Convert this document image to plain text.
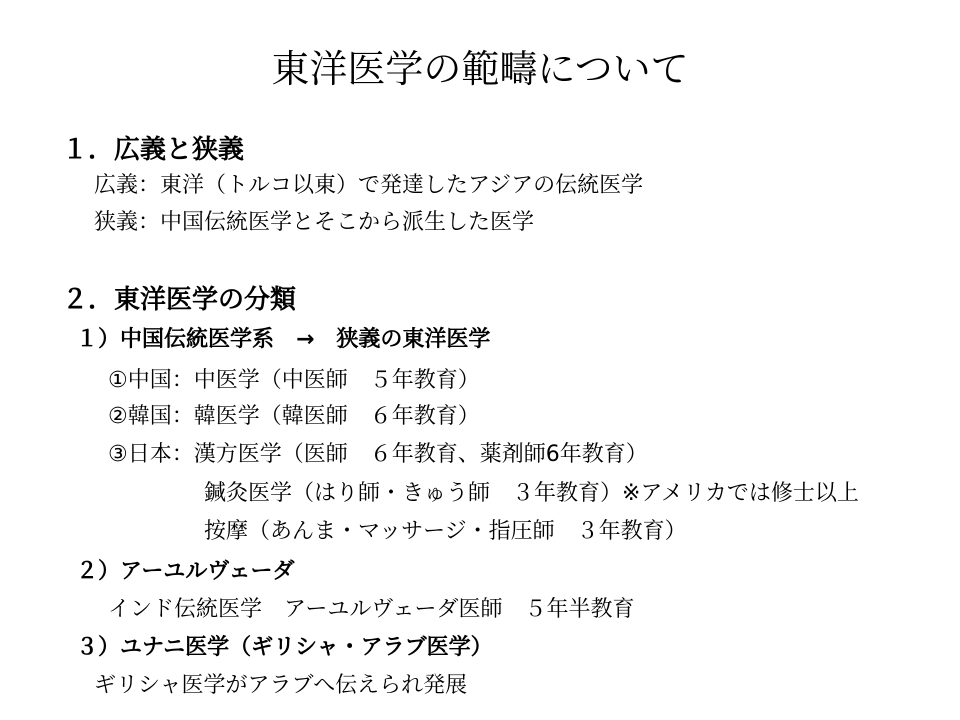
東洋医学の範疇について
１．広義と狭義
広義：東洋（トルコ以東）で発達したアジアの伝統医学
狭義：中国伝統医学とそこから派生した医学
２．東洋医学の分類
１）中国伝統医学系　→　狭義の東洋医学
①中国：中医学（中医師　５年教育）
②韓国：韓医学（韓医師　６年教育）
③日本：漢方医学（医師　６年教育、薬剤師6年教育）
鍼灸医学（はり師・きゅう師　３年教育）※アメリカでは修士以上
按摩（あんま・マッサージ・指圧師　３年教育）
２）アーユルヴェーダ
インド伝統医学　アーユルヴェーダ医師　５年半教育
３）ユナニ医学（ギリシャ・アラブ医学）
ギリシャ医学がアラブへ伝えられ発展
